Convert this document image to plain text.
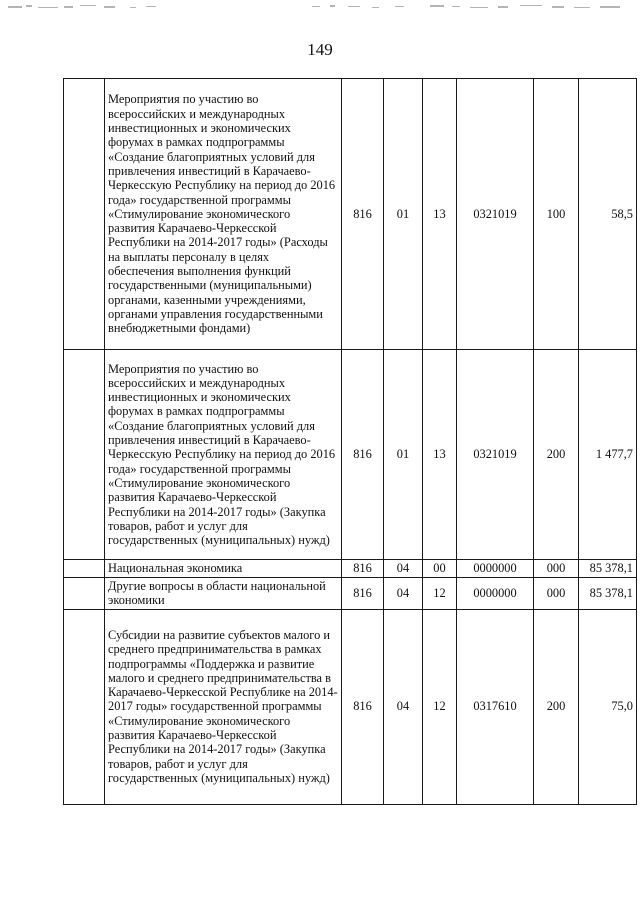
149

	Мероприятия по участию во всероссийских и международных инвестиционных и экономических форумах в рамках подпрограммы «Создание благоприятных условий для привлечения инвестиций в Карачаево-Черкесскую Республику на период до 2016 года» государственной программы «Стимулирование экономического развития Карачаево-Черкесской Республики на 2014-2017 годы» (Расходы на выплаты персоналу в целях обеспечения выполнения функций государственными (муниципальными) органами, казенными учреждениями, органами управления государственными внебюджетными фондами)	816	01	13	0321019	100	58,5

	Мероприятия по участию во всероссийских и международных инвестиционных и экономических форумах в рамках подпрограммы «Создание благоприятных условий для привлечения инвестиций в Карачаево-Черкесскую Республику на период до 2016 года» государственной программы «Стимулирование экономического развития Карачаево-Черкесской Республики на 2014-2017 годы» (Закупка товаров, работ и услуг для государственных (муниципальных) нужд)	816	01	13	0321019	200	1 477,7

	Национальная экономика	816	04	00	0000000	000	85 378,1

	Другие вопросы в области национальной экономики	816	04	12	0000000	000	85 378,1

	Субсидии на развитие субъектов малого и среднего предпринимательства в рамках подпрограммы «Поддержка и развитие малого и среднего предпринимательства в Карачаево-Черкесской Республике на 2014-2017 годы» государственной программы «Стимулирование экономического развития Карачаево-Черкесской Республики на 2014-2017 годы» (Закупка товаров, работ и услуг для государственных (муниципальных) нужд)	816	04	12	0317610	200	75,0
